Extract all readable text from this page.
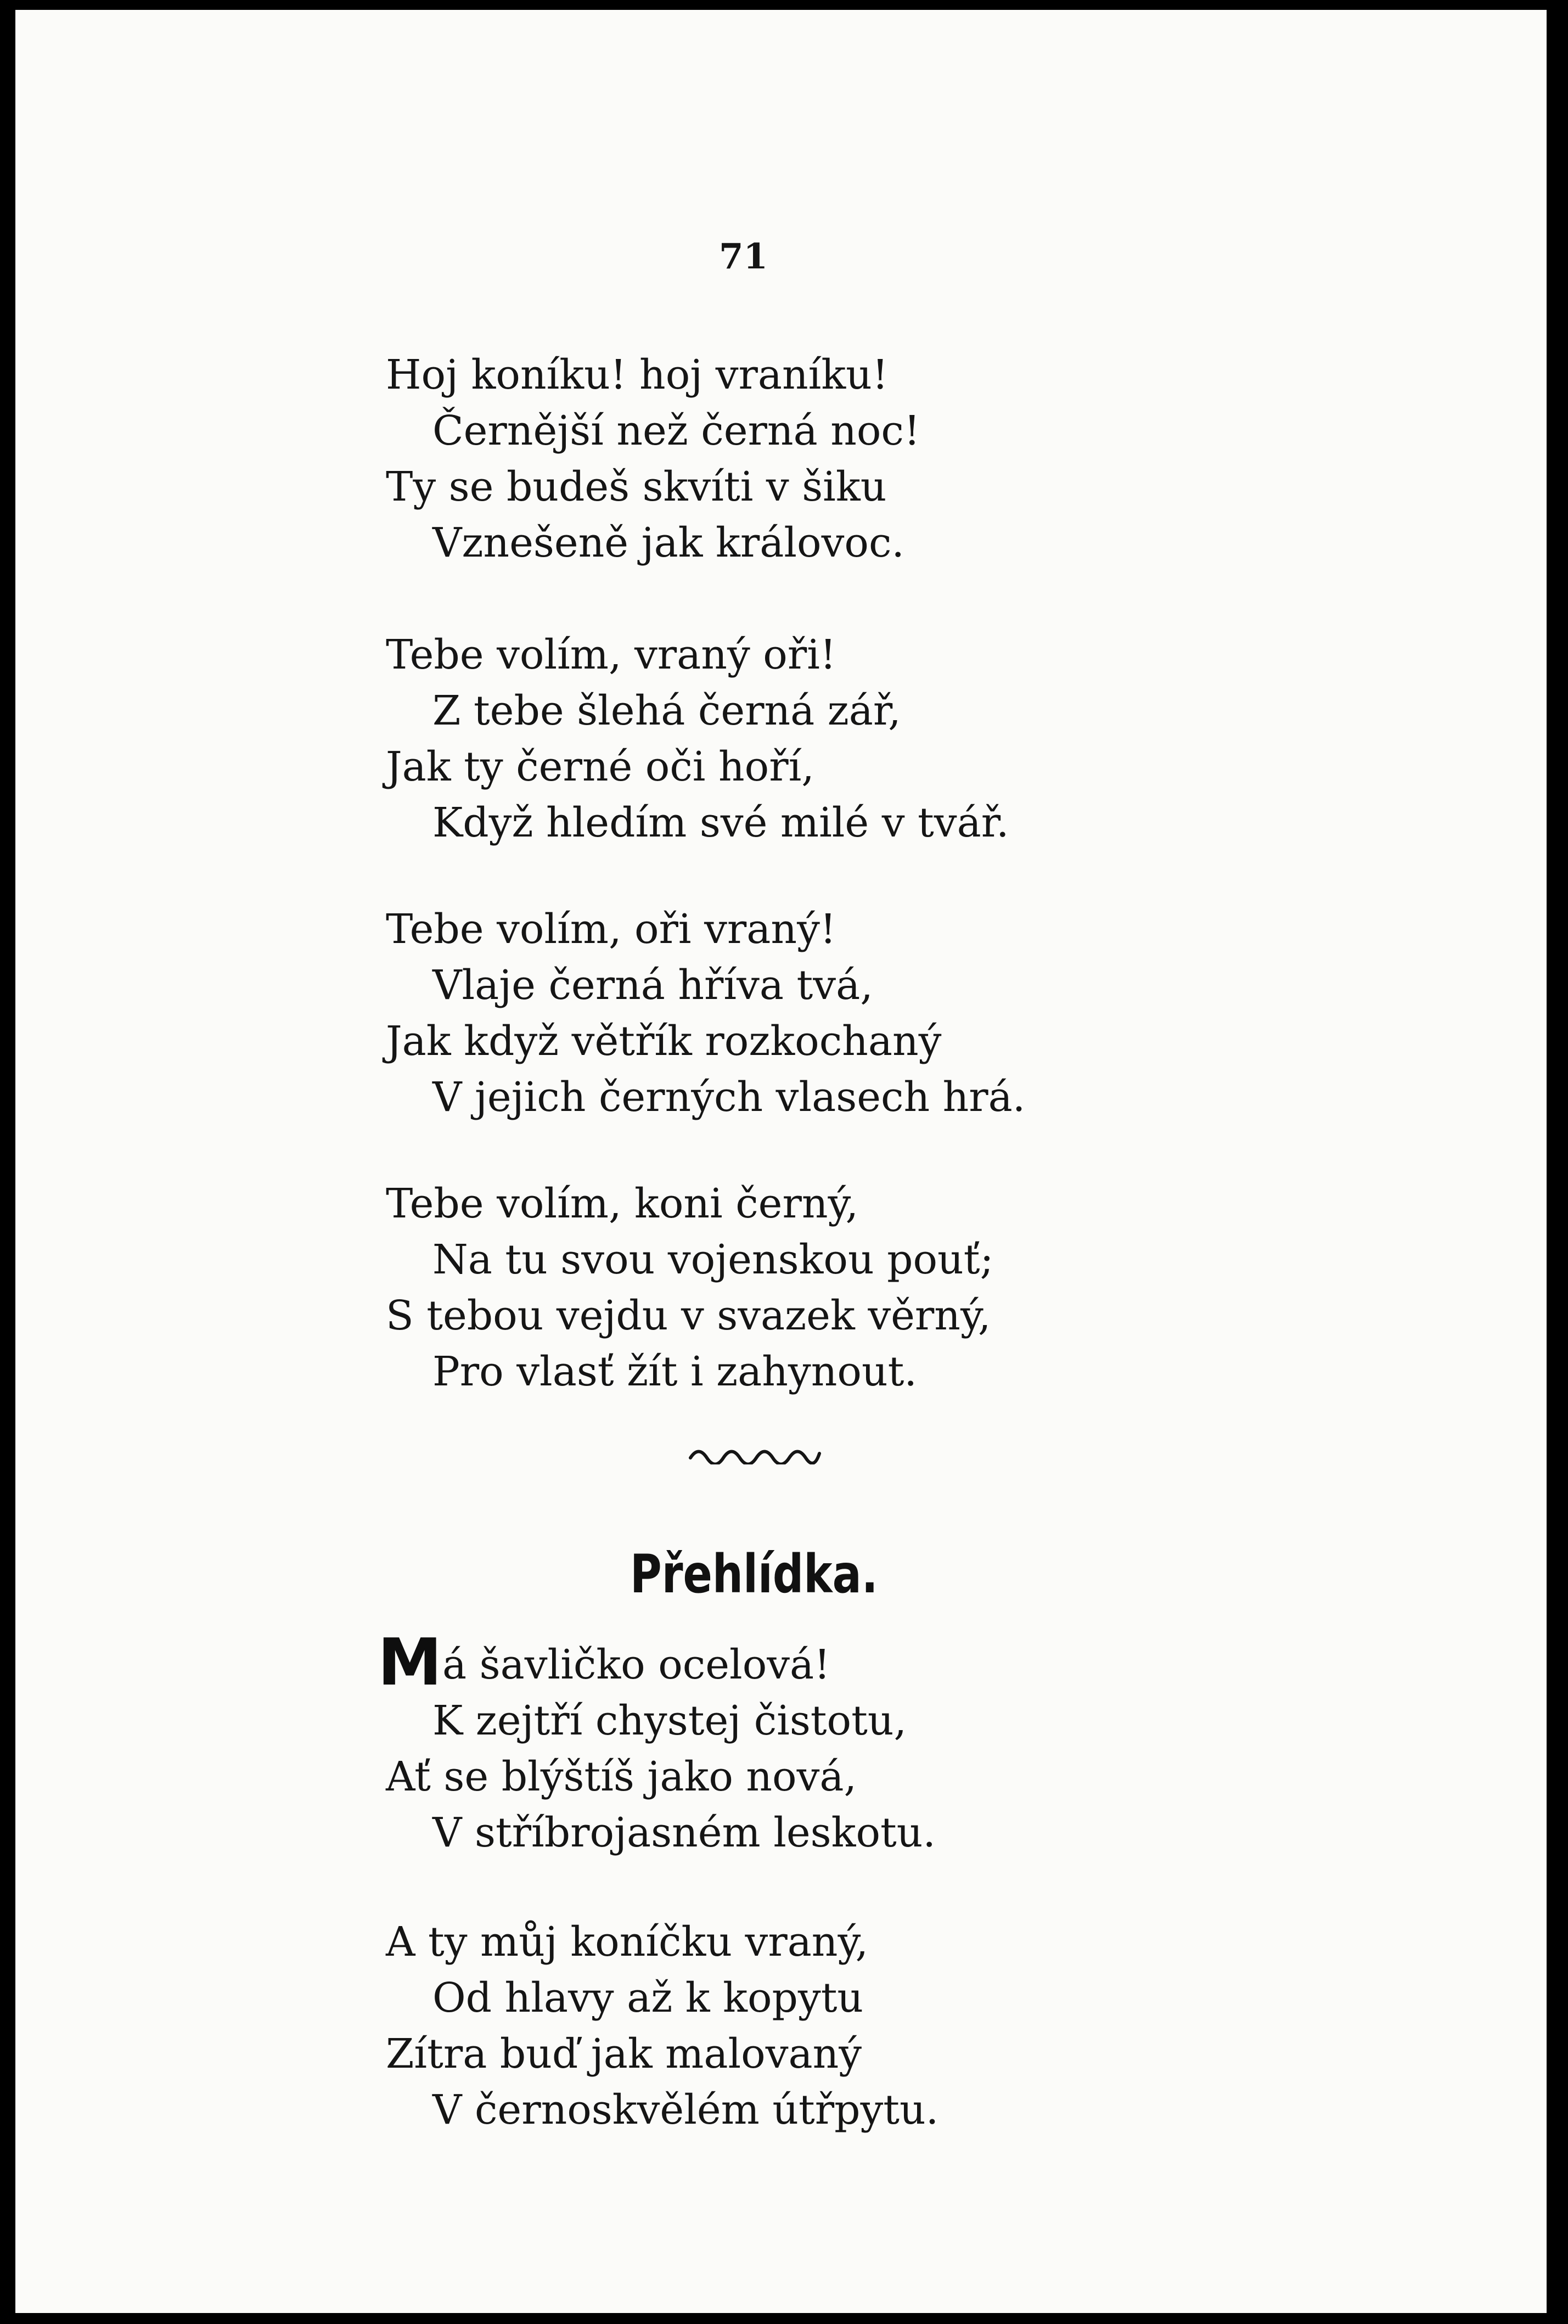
71
Hoj koníku! hoj vraníku!
Černější než černá noc!
Ty se budeš skvíti v šiku
Vznešeně jak královoc.
Tebe volím, vraný oři!
Z tebe šlehá černá zář,
Jak ty černé oči hoří,
Když hledím své milé v tvář.
Tebe volím, oři vraný!
Vlaje černá hříva tvá,
Jak když větřík rozkochaný
V jejich černých vlasech hrá.
Tebe volím, koni černý,
Na tu svou vojenskou pouť;
S tebou vejdu v svazek věrný,
Pro vlasť žít i zahynout.
Přehlídka.
M á šavličko ocelová!
K zejtří chystej čistotu,
Ať se blýštíš jako nová,
V stříbrojasném leskotu.
A ty můj koníčku vraný,
Od hlavy až k kopytu
Zítra buď jak malovaný
V černoskvělém útřpytu.
